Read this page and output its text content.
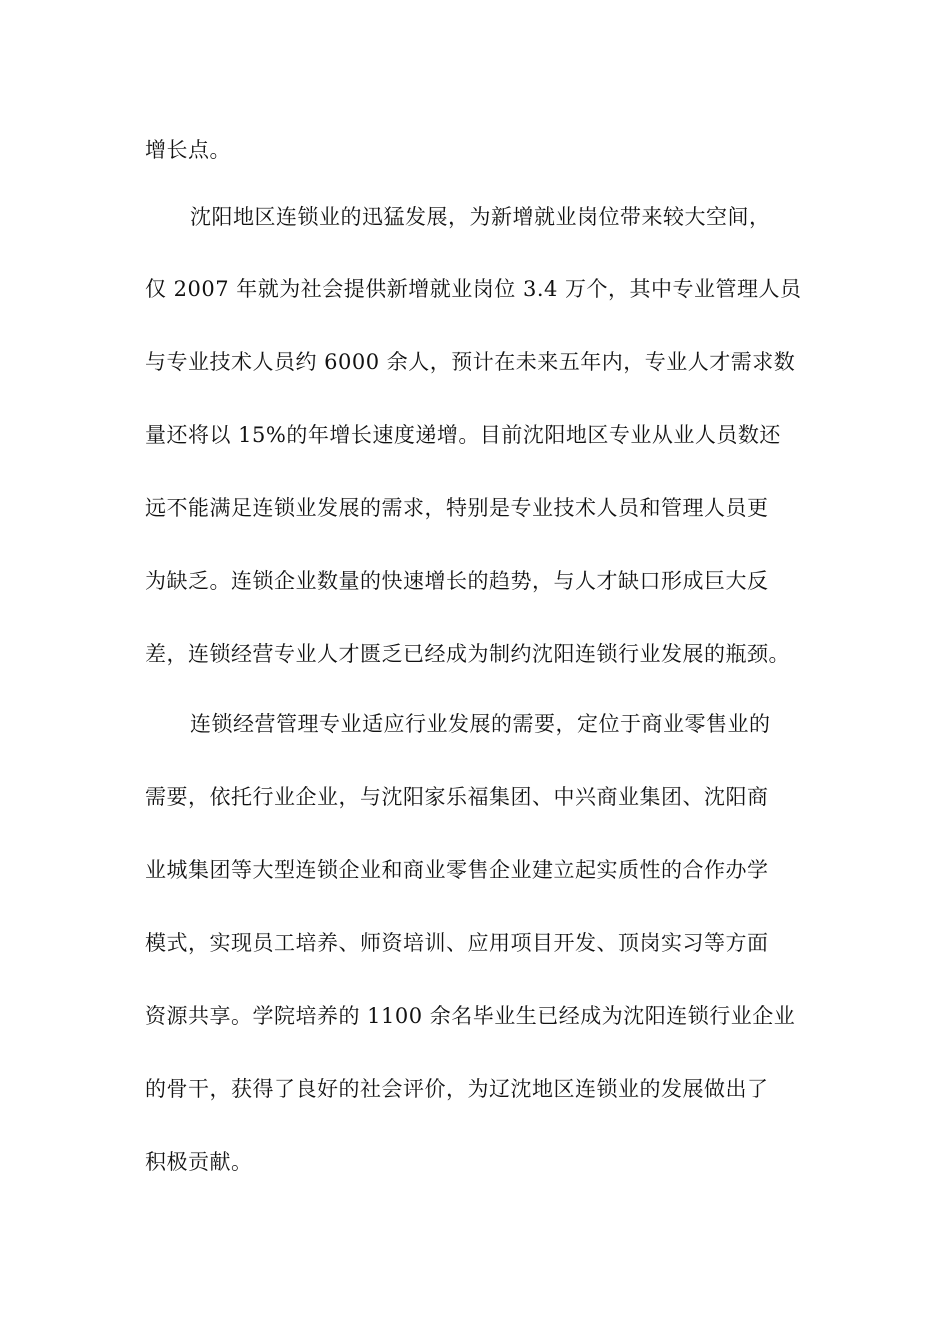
增长点。
沈阳地区连锁业的迅猛发展，为新增就业岗位带来较大空间，
仅 2007 年就为社会提供新增就业岗位 3.4 万个，其中专业管理人员
与专业技术人员约 6000 余人，预计在未来五年内，专业人才需求数
量还将以 15%的年增长速度递增。目前沈阳地区专业从业人员数还
远不能满足连锁业发展的需求，特别是专业技术人员和管理人员更
为缺乏。连锁企业数量的快速增长的趋势，与人才缺口形成巨大反
差，连锁经营专业人才匮乏已经成为制约沈阳连锁行业发展的瓶颈。
连锁经营管理专业适应行业发展的需要，定位于商业零售业的
需要，依托行业企业，与沈阳家乐福集团、中兴商业集团、沈阳商
业城集团等大型连锁企业和商业零售企业建立起实质性的合作办学
模式，实现员工培养、师资培训、应用项目开发、顶岗实习等方面
资源共享。学院培养的 1100 余名毕业生已经成为沈阳连锁行业企业
的骨干，获得了良好的社会评价，为辽沈地区连锁业的发展做出了
积极贡献。
